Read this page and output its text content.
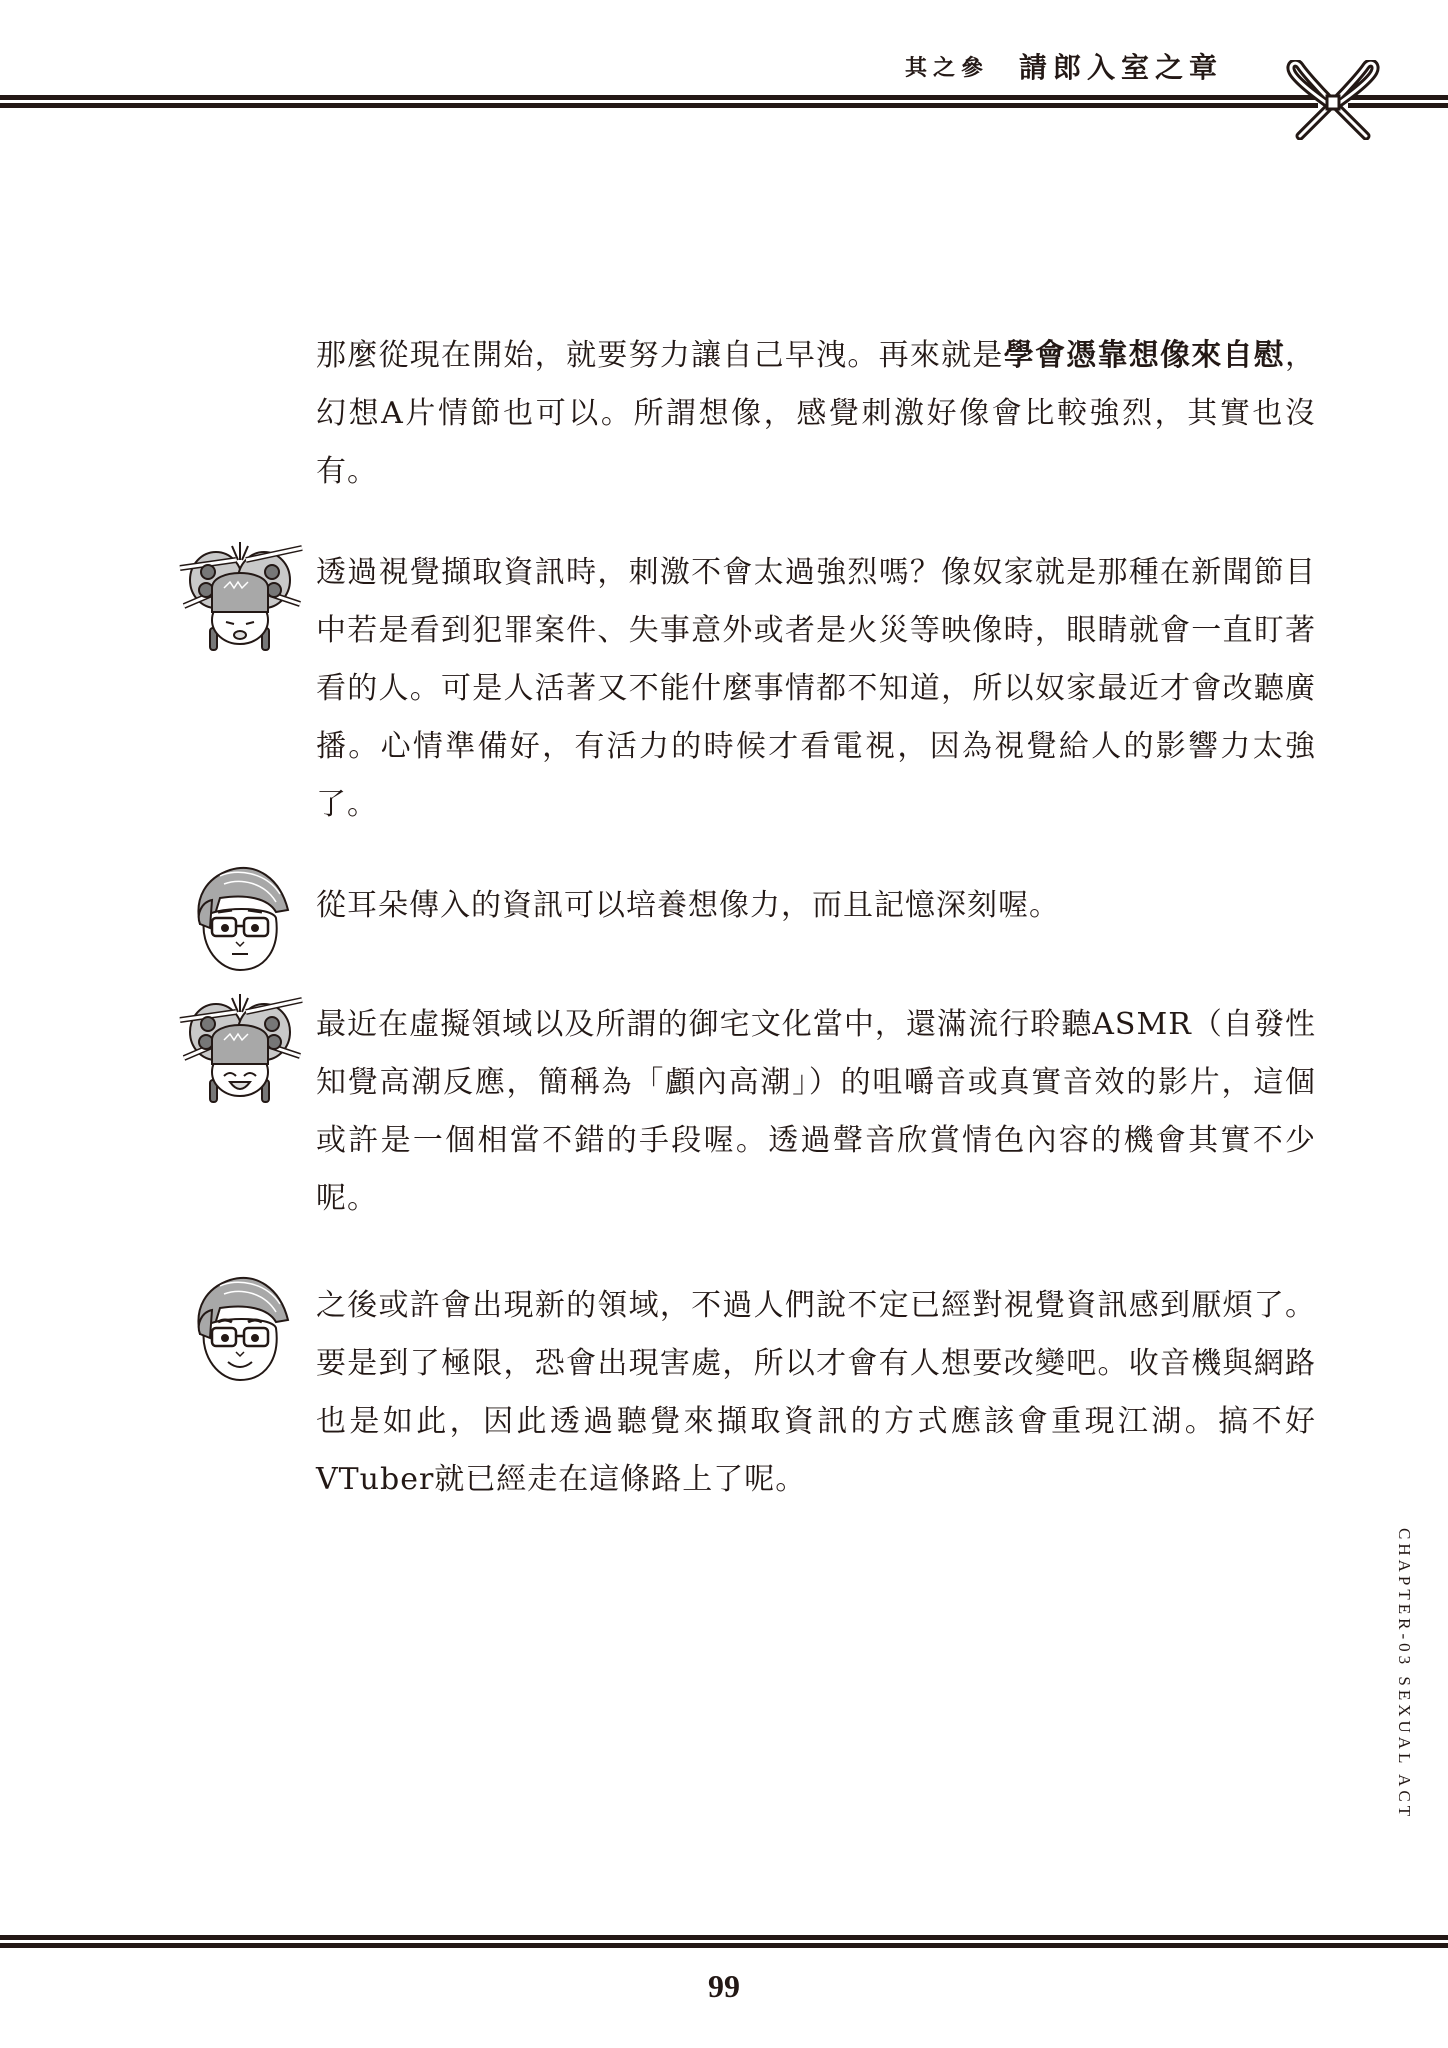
其之參 請郎入室之章

那麼從現在開始，就要努力讓自己早洩。再來就是學會憑靠想像來自慰，幻想A片情節也可以。所謂想像，感覺刺激好像會比較強烈，其實也沒有。

透過視覺擷取資訊時，刺激不會太過強烈嗎？像奴家就是那種在新聞節目中若是看到犯罪案件、失事意外或者是火災等映像時，眼睛就會一直盯著看的人。可是人活著又不能什麼事情都不知道，所以奴家最近才會改聽廣播。心情準備好，有活力的時候才看電視，因為視覺給人的影響力太強了。

從耳朵傳入的資訊可以培養想像力，而且記憶深刻喔。

最近在虛擬領域以及所謂的御宅文化當中，還滿流行聆聽ASMR（自發性知覺高潮反應，簡稱為「顱內高潮」）的咀嚼音或真實音效的影片，這個或許是一個相當不錯的手段喔。透過聲音欣賞情色內容的機會其實不少呢。

之後或許會出現新的領域，不過人們說不定已經對視覺資訊感到厭煩了。要是到了極限，恐會出現害處，所以才會有人想要改變吧。收音機與網路也是如此，因此透過聽覺來擷取資訊的方式應該會重現江湖。搞不好VTuber就已經走在這條路上了呢。

CHAPTER-03 SEXUAL ACT
99
